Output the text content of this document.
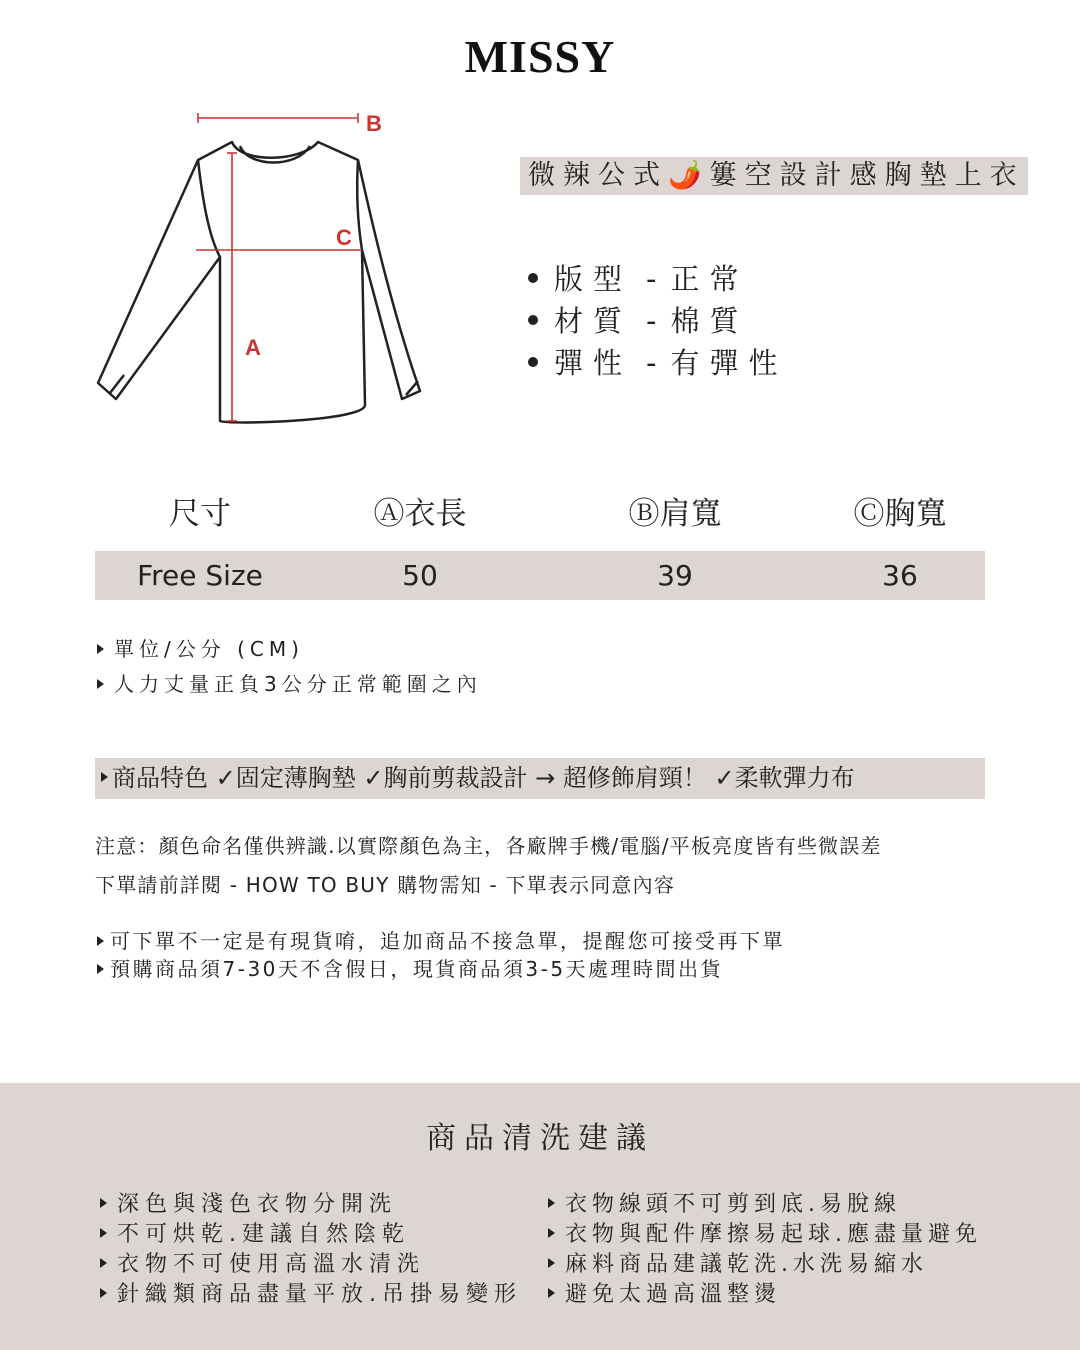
MISSY
B
C
A
微辣公式🌶️簍空設計感胸墊上衣
版型 - 正常
材質 - 棉質
彈性 - 有彈性
尺寸	Ⓐ衣長	Ⓑ肩寬	Ⓒ胸寬
Free Size	50	39	36
單位/公分 (CM)
人力丈量正負3公分正常範圍之內
商品特色 ✓固定薄胸墊 ✓胸前剪裁設計 → 超修飾肩頸！ ✓柔軟彈力布
注意：顏色命名僅供辨識.以實際顏色為主，各廠牌手機/電腦/平板亮度皆有些微誤差
下單請前詳閱 - HOW TO BUY 購物需知 - 下單表示同意內容
可下單不一定是有現貨唷，追加商品不接急單，提醒您可接受再下單
預購商品須7-30天不含假日，現貨商品須3-5天處理時間出貨
商品清洗建議
深色與淺色衣物分開洗
不可烘乾.建議自然陰乾
衣物不可使用高溫水清洗
針織類商品盡量平放.吊掛易變形
衣物線頭不可剪到底.易脫線
衣物與配件摩擦易起球.應盡量避免
麻料商品建議乾洗.水洗易縮水
避免太過高溫整燙
